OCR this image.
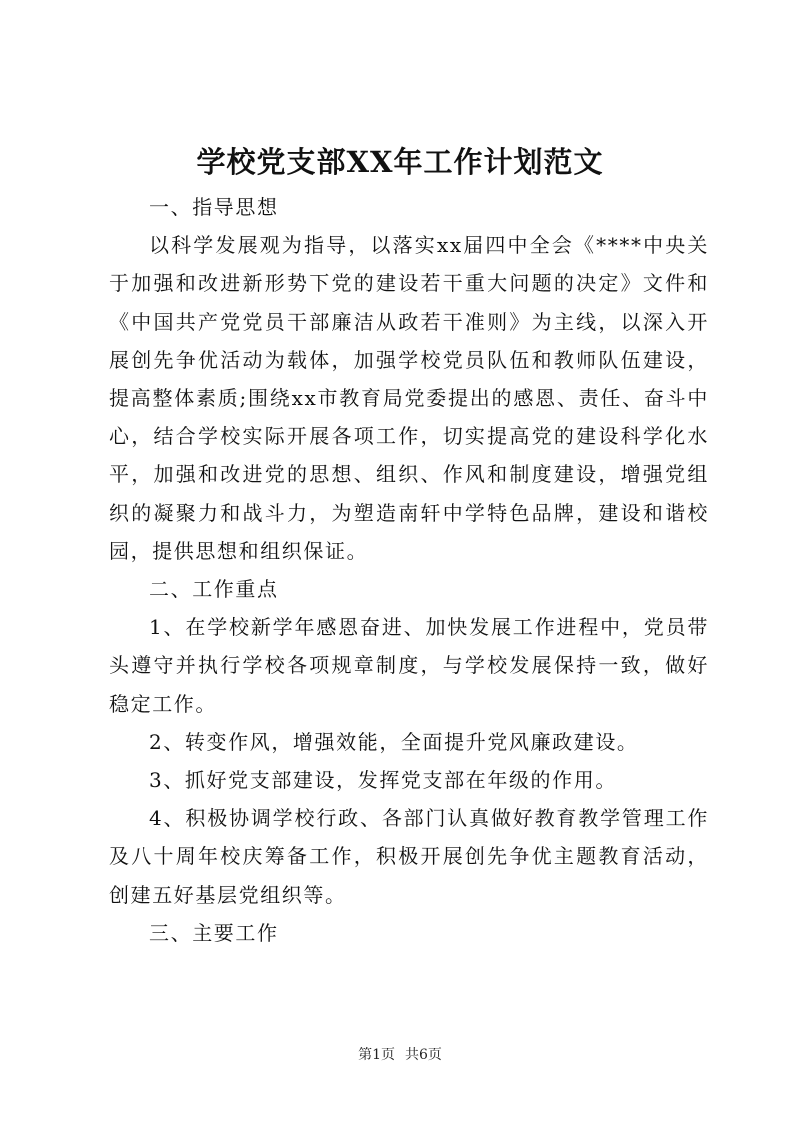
学校党支部XX年工作计划范文

一、指导思想

以科学发展观为指导，以落实xx届四中全会《****中央关于加强和改进新形势下党的建设若干重大问题的决定》文件和《中国共产党党员干部廉洁从政若干准则》为主线，以深入开展创先争优活动为载体，加强学校党员队伍和教师队伍建设，提高整体素质;围绕xx市教育局党委提出的感恩、责任、奋斗中心，结合学校实际开展各项工作，切实提高党的建设科学化水平，加强和改进党的思想、组织、作风和制度建设，增强党组织的凝聚力和战斗力，为塑造南轩中学特色品牌，建设和谐校园，提供思想和组织保证。

二、工作重点

1、在学校新学年感恩奋进、加快发展工作进程中，党员带头遵守并执行学校各项规章制度，与学校发展保持一致，做好稳定工作。

2、转变作风，增强效能，全面提升党风廉政建设。

3、抓好党支部建设，发挥党支部在年级的作用。

4、积极协调学校行政、各部门认真做好教育教学管理工作及八十周年校庆筹备工作，积极开展创先争优主题教育活动，创建五好基层党组织等。

三、主要工作

第1页 共6页
